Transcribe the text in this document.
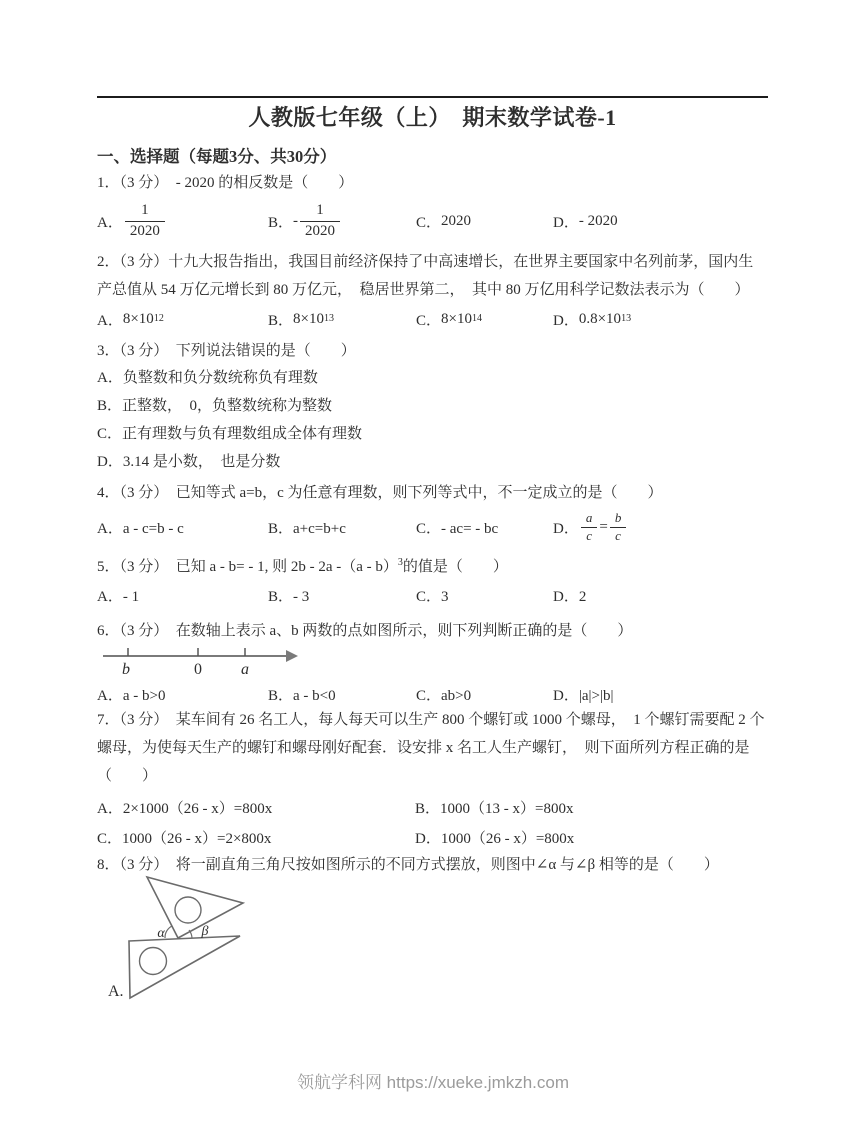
人教版七年级（上）　期末数学试卷-1
一、选择题（每题3分、共30分）

1．（3 分）　- 2020 的相反数是（　　）

A． $\frac{1}{2020}$	B． - $\frac{1}{2020}$	C． 2020	D． - 2020

2．（3 分）十九大报告指出，我国目前经济保持了中高速增长，在世界主要国家中名列前茅，国内生产总值从 54 万亿元增长到 80 万亿元，　稳居世界第二，　其中 80 万亿用科学记数法表示为（　　）

A． 8×10 12	B． 8×10 13	C． 8×10 14	D． 0.8×10 13

3．（3 分）　下列说法错误的是（　　）

A．负整数和负分数统称负有理数

B．正整数，　0，负整数统称为整数

C．正有理数与负有理数组成全体有理数

D．3.14 是小数，　也是分数

4．（3 分）　已知等式 a=b，c 为任意有理数，则下列等式中，不一定成立的是（　　）

A．a - c=b - c	B．a+c=b+c	C．- ac= - bc	D． $\frac{a}{c} = \frac{b}{c}$

5．（3 分）　已知 a - b= - 1, 则 2b - 2a -（a - b）$^3$的值是（　　）

A．- 1	B．- 3	C．3	D．2

6．（3 分）　在数轴上表示 a、b 两数的点如图所示，则下列判断正确的是（　　）

b	0 a
A．a - b>0	B．a - b<0	C．ab>0	D．|a|>|b|

7．（3 分）　某车间有 26 名工人，每人每天可以生产 800 个螺钉或 1000 个螺母，　1 个螺钉需要配 2 个螺母，为使每天生产的螺钉和螺母刚好配套．设安排 x 名工人生产螺钉，　则下面所列方程正确的是
（　　）

A．2×1000（26 - x）=800x	B．1000（13 - x）=800x
C．1000（26 - x）=2×800x	D．1000（26 - x）=800x

8．（3 分）　将一副直角三角尺按如图所示的不同方式摆放，则图中∠α 与∠β 相等的是（　　）

α	β

A.

领航学科网 https://xueke.jmkzh.com
